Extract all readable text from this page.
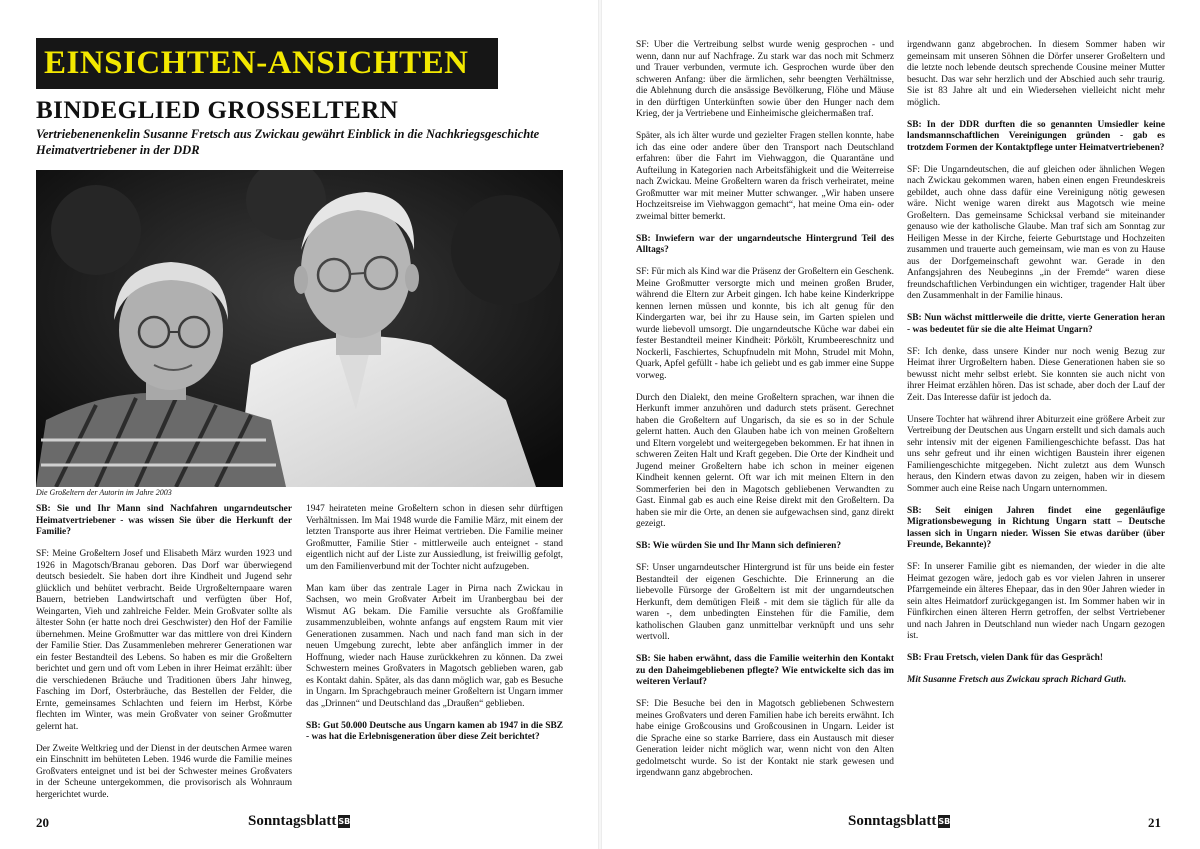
EINSICHTEN-ANSICHTEN
BINDEGLIED GROSSELTERN

Vertriebenenenkelin Susanne Fretsch aus Zwickau gewährt Einblick in die Nachkriegsgeschichte Heimatvertriebener in der DDR

Die Großeltern der Autorin im Jahre 2003

SB: Sie und Ihr Mann sind Nachfahren ungarndeutscher Heimatvertriebener - was wissen Sie über die Herkunft der Familie?

SF: Meine Großeltern Josef und Elisabeth März wurden 1923 und 1926 in Magotsch/Branau geboren. Das Dorf war überwiegend deutsch besiedelt. Sie haben dort ihre Kindheit und Jugend sehr glücklich und behütet verbracht. Beide Urgroßelternpaare waren Bauern, betrieben Landwirtschaft und verfügten über Hof, Weingarten, Vieh und zahlreiche Felder. Mein Großvater sollte als ältester Sohn (er hatte noch drei Geschwister) den Hof der Familie übernehmen. Meine Großmutter war das mittlere von drei Kindern der Familie Stier. Das Zusammenleben mehrerer Generationen war ein fester Bestandteil des Lebens. So haben es mir die Großeltern berichtet und gern und oft vom Leben in ihrer Heimat erzählt: über die verschiedenen Bräuche und Traditionen übers Jahr hinweg, Fasching im Dorf, Osterbräuche, das Bestellen der Felder, die Ernte, gemeinsames Schlachten und feiern im Herbst, Körbe flechten im Winter, was mein Großvater von seiner Großmutter gelernt hat.

Der Zweite Weltkrieg und der Dienst in der deutschen Armee waren ein Einschnitt im behüteten Leben. 1946 wurde die Familie meines Großvaters enteignet und ist bei der Schwester meines Großvaters in der Scheune untergekommen, die provisorisch als Wohnraum hergerichtet wurde.

1947 heirateten meine Großeltern schon in diesen sehr dürftigen Verhältnissen. Im Mai 1948 wurde die Familie März, mit einem der letzten Transporte aus ihrer Heimat vertrieben. Die Familie meiner Großmutter, Familie Stier - mittlerweile auch enteignet - stand eigentlich nicht auf der Liste zur Aussiedlung, ist freiwillig gefolgt, um den Familienverbund mit der Tochter nicht aufzugeben.

Man kam über das zentrale Lager in Pirna nach Zwickau in Sachsen, wo mein Großvater Arbeit im Uranbergbau bei der Wismut AG bekam. Die Familie versuchte als Großfamilie zusammenzubleiben, wohnte anfangs auf engstem Raum mit vier Generationen zusammen. Nach und nach fand man sich in der neuen Umgebung zurecht, lebte aber anfänglich immer in der Hoffnung, wieder nach Hause zurückkehren zu können. Da zwei Schwestern meines Großvaters in Magotsch geblieben waren, gab es Kontakt dahin. Später, als das dann möglich war, gab es Besuche in Ungarn. Im Sprachgebrauch meiner Großeltern ist Ungarn immer das „Drinnen“ und Deutschland das „Draußen“ geblieben.

SB: Gut 50.000 Deutsche aus Ungarn kamen ab 1947 in die SBZ - was hat die Erlebnisgeneration über diese Zeit berichtet?

20	Sonntagsblatt SB

SF: Über die Vertreibung selbst wurde wenig gesprochen - und wenn, dann nur auf Nachfrage. Zu stark war das noch mit Schmerz und Trauer verbunden, vermute ich. Gesprochen wurde über den schweren Anfang: über die ärmlichen, sehr beengten Verhältnisse, die Ablehnung durch die ansässige Bevölkerung, Flöhe und Mäuse in den dürftigen Unterkünften sowie über den Hunger nach dem Krieg, der ja Vertriebene und Einheimische gleichermaßen traf.

Später, als ich älter wurde und gezielter Fragen stellen konnte, habe ich das eine oder andere über den Transport nach Deutschland erfahren: über die Fahrt im Viehwaggon, die Quarantäne und Aufteilung in Kategorien nach Arbeitsfähigkeit und die Weiterreise nach Zwickau. Meine Großeltern waren da frisch verheiratet, meine Großmutter war mit meiner Mutter schwanger. „Wir haben unsere Hochzeitsreise im Viehwaggon gemacht“, hat meine Oma ein- oder zweimal bitter bemerkt.

SB: Inwiefern war der ungarndeutsche Hintergrund Teil des Alltags?

SF: Für mich als Kind war die Präsenz der Großeltern ein Geschenk. Meine Großmutter versorgte mich und meinen großen Bruder, während die Eltern zur Arbeit gingen. Ich habe keine Kinderkrippe kennen lernen müssen und konnte, bis ich alt genug für den Kindergarten war, bei ihr zu Hause sein, im Garten spielen und wurde liebevoll umsorgt. Die ungarndeutsche Küche war dabei ein fester Bestandteil meiner Kindheit: Pörkölt, Krumbeereschnitz und Nockerli, Faschiertes, Schupfnudeln mit Mohn, Strudel mit Mohn, Quark, Apfel gefüllt - habe ich geliebt und es gab immer eine Suppe vorweg.

Durch den Dialekt, den meine Großeltern sprachen, war ihnen die Herkunft immer anzuhören und dadurch stets präsent. Gerechnet haben die Großeltern auf Ungarisch, da sie es so in der Schule gelernt hatten. Auch den Glauben habe ich von meinen Großeltern und Eltern vorgelebt und weitergegeben bekommen. Er hat ihnen in schweren Zeiten Halt und Kraft gegeben. Die Orte der Kindheit und Jugend meiner Großeltern habe ich schon in meiner eigenen Kindheit kennen gelernt. Oft war ich mit meinen Eltern in den Sommerferien bei den in Magotsch gebliebenen Verwandten zu Gast. Einmal gab es auch eine Reise direkt mit den Großeltern. Da haben sie mir die Orte, an denen sie aufgewachsen sind, ganz direkt gezeigt.

SB: Wie würden Sie und Ihr Mann sich definieren?

SF: Unser ungarndeutscher Hintergrund ist für uns beide ein fester Bestandteil der eigenen Geschichte. Die Erinnerung an die liebevolle Fürsorge der Großeltern ist mit der ungarndeutschen Herkunft, dem demütigen Fleiß - mit dem sie täglich für alle da waren -, dem unbedingten Einstehen für die Familie, dem katholischen Glauben ganz unmittelbar verknüpft und uns sehr wertvoll.

SB: Sie haben erwähnt, dass die Familie weiterhin den Kontakt zu den Daheimgebliebenen pflegte? Wie entwickelte sich das im weiteren Verlauf?

SF: Die Besuche bei den in Magotsch gebliebenen Schwestern meines Großvaters und deren Familien habe ich bereits erwähnt. Ich habe einige Großcousins und Großcousinen in Ungarn. Leider ist die Sprache eine so starke Barriere, dass ein Austausch mit dieser Generation leider nicht möglich war, wenn nicht von den Alten gedolmetscht wurde. So ist der Kontakt nie stark gewesen und irgendwann ganz abgebrochen.

irgendwann ganz abgebrochen. In diesem Sommer haben wir gemeinsam mit unseren Söhnen die Dörfer unserer Großeltern und die letzte noch lebende deutsch sprechende Cousine meiner Mutter besucht. Das war sehr herzlich und der Abschied auch sehr traurig. Sie ist 83 Jahre alt und ein Wiedersehen vielleicht nicht mehr möglich.

SB: In der DDR durften die so genannten Umsiedler keine landsmannschaftlichen Vereinigungen gründen - gab es trotzdem Formen der Kontaktpflege unter Heimatvertriebenen?

SF: Die Ungarndeutschen, die auf gleichen oder ähnlichen Wegen nach Zwickau gekommen waren, haben einen engen Freundeskreis gebildet, auch ohne dass dafür eine Vereinigung nötig gewesen wäre. Nicht wenige waren direkt aus Magotsch wie meine Großeltern. Das gemeinsame Schicksal verband sie miteinander genauso wie der katholische Glaube. Man traf sich am Sonntag zur Heiligen Messe in der Kirche, feierte Geburtstage und Hochzeiten zusammen und trauerte auch gemeinsam, wie man es von zu Hause aus der Dorfgemeinschaft gewohnt war. Gerade in den Anfangsjahren des Neubeginns „in der Fremde“ waren diese freundschaftlichen Verbindungen ein wichtiger, tragender Halt über den Zusammenhalt in der Familie hinaus.

SB: Nun wächst mittlerweile die dritte, vierte Generation heran - was bedeutet für sie die alte Heimat Ungarn?

SF: Ich denke, dass unsere Kinder nur noch wenig Bezug zur Heimat ihrer Urgroßeltern haben. Diese Generationen haben sie so bewusst nicht mehr selbst erlebt. Sie konnten sie auch nicht von ihrer Heimat erzählen hören. Das ist schade, aber doch der Lauf der Zeit. Das Interesse dafür ist jedoch da.

Unsere Tochter hat während ihrer Abiturzeit eine größere Arbeit zur Vertreibung der Deutschen aus Ungarn erstellt und sich damals auch sehr intensiv mit der eigenen Familiengeschichte befasst. Das hat uns sehr gefreut und ihr einen wichtigen Baustein ihrer eigenen Familiengeschichte mitgegeben. Nicht zuletzt aus dem Wunsch heraus, den Kindern etwas davon zu zeigen, haben wir in diesem Sommer auch eine Reise nach Ungarn unternommen.

SB: Seit einigen Jahren findet eine gegenläufige Migrationsbewegung in Richtung Ungarn statt – Deutsche lassen sich in Ungarn nieder. Wissen Sie etwas darüber (über Freunde, Bekannte)?

SF: In unserer Familie gibt es niemanden, der wieder in die alte Heimat gezogen wäre, jedoch gab es vor vielen Jahren in unserer Pfarrgemeinde ein älteres Ehepaar, das in den 90er Jahren wieder in sein altes Heimatdorf zurückgegangen ist. Im Sommer haben wir in Fünfkirchen einen älteren Herrn getroffen, der selbst Vertriebener und nach Jahren in Deutschland nun wieder nach Ungarn gezogen ist.

SB: Frau Fretsch, vielen Dank für das Gespräch!

Mit Susanne Fretsch aus Zwickau sprach Richard Guth.

Sonntagsblatt SB	21
